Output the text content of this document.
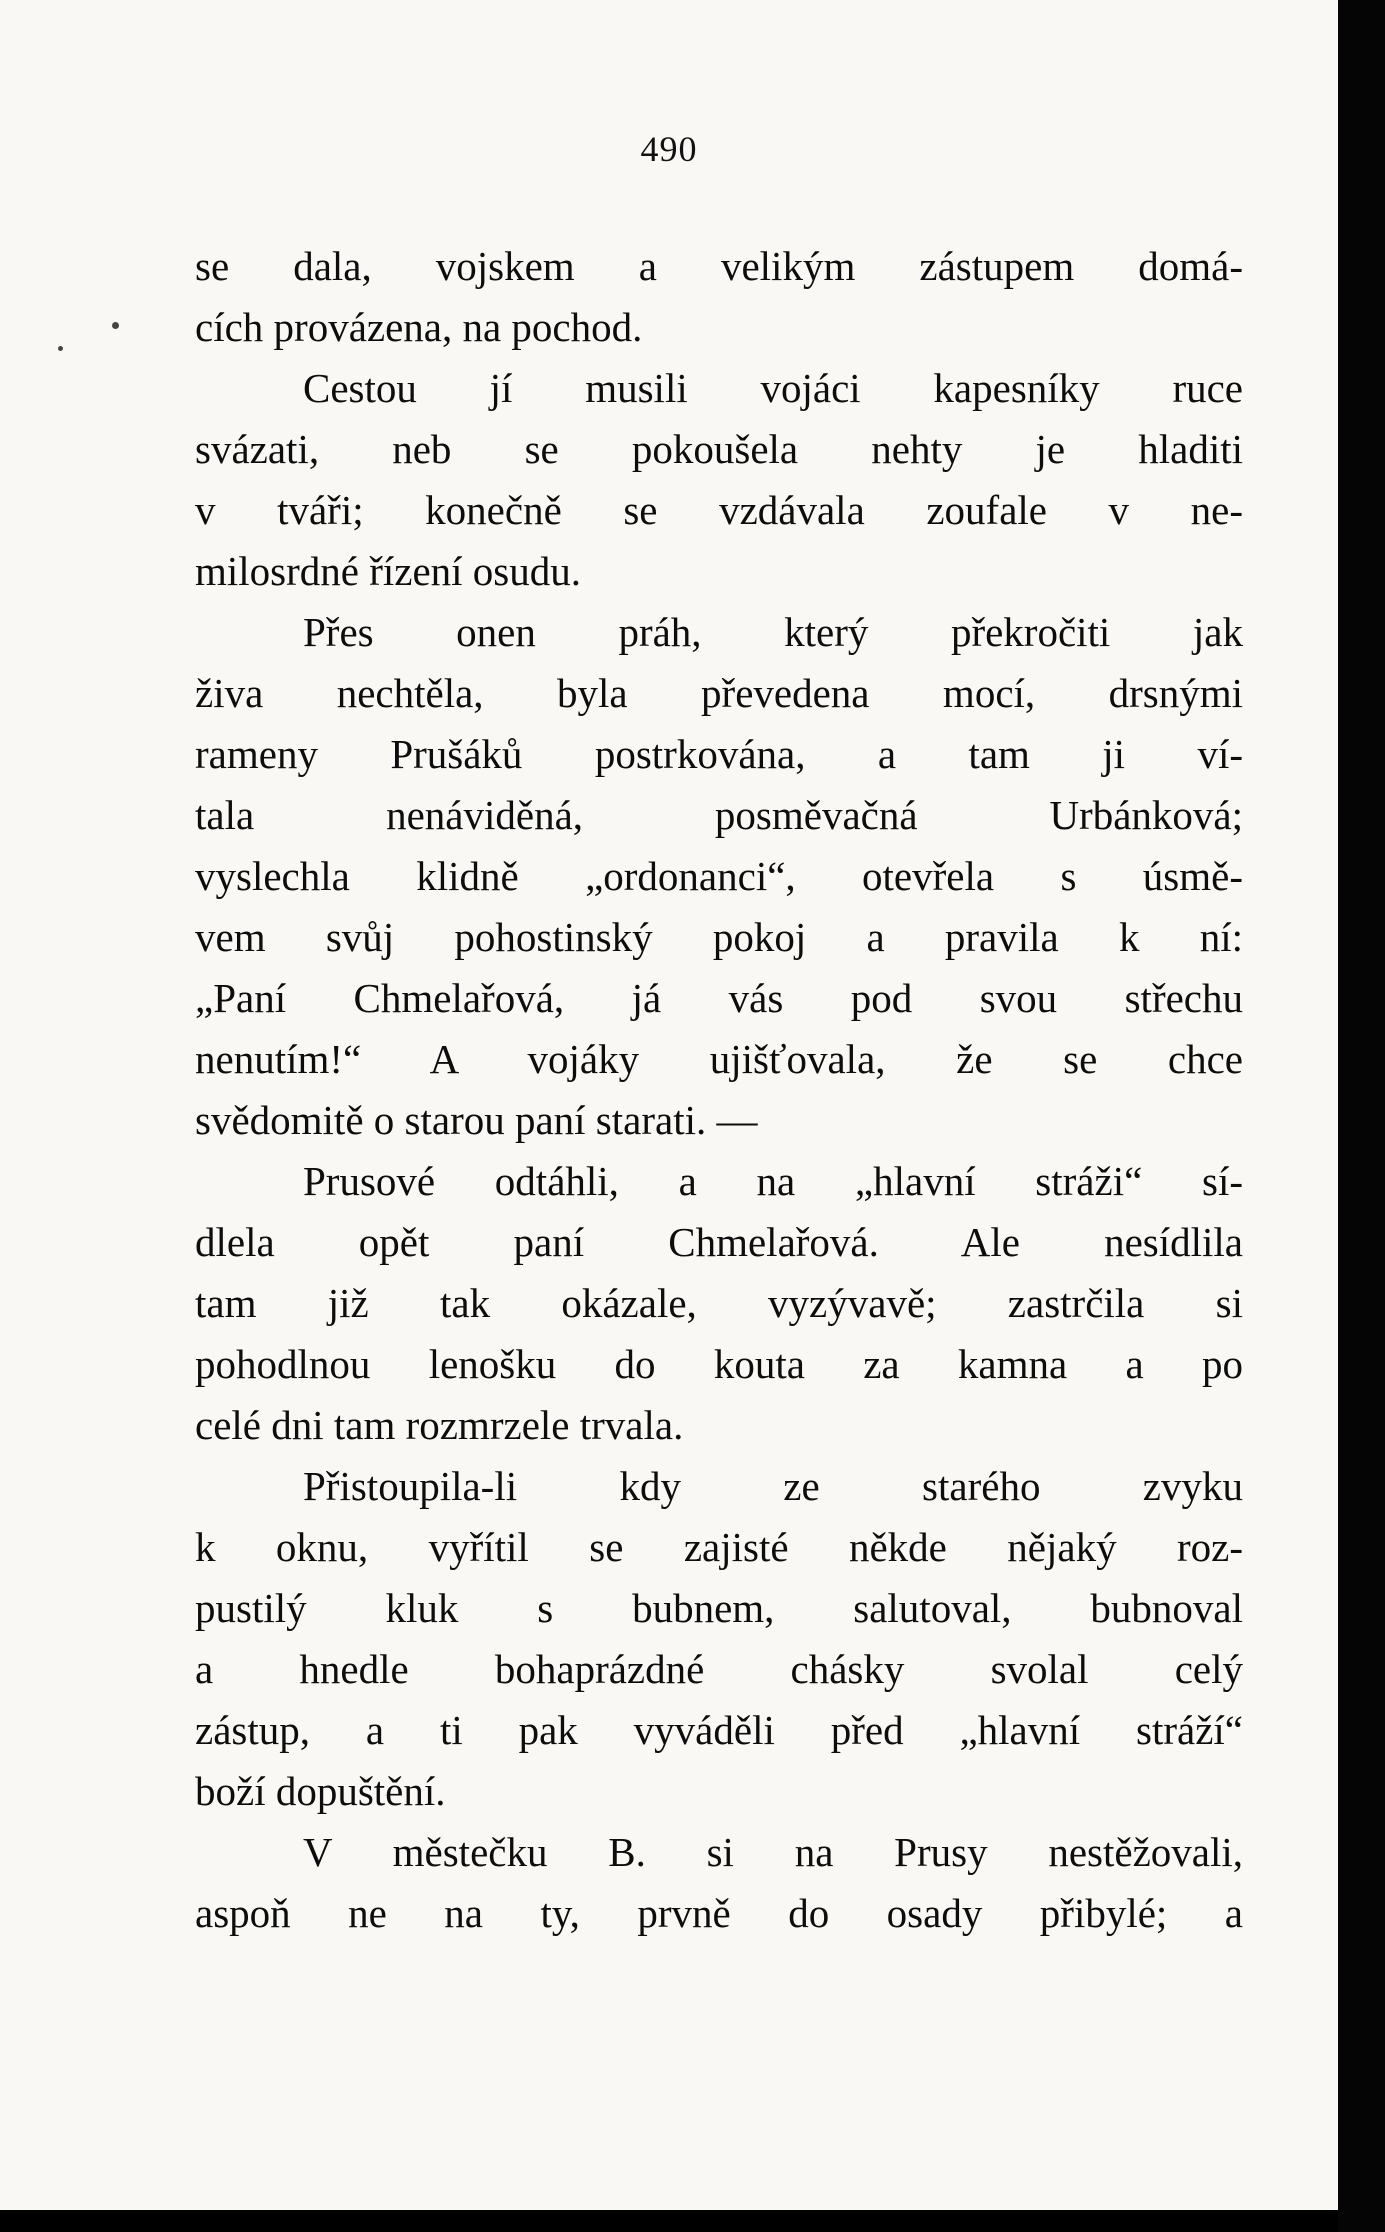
490
se dala, vojskem a velikým zástupem domá-
cích provázena, na pochod.
Cestou jí musili vojáci kapesníky ruce
svázati, neb se pokoušela nehty je hladiti
v tváři; konečně se vzdávala zoufale v ne-
milosrdné řízení osudu.
Přes onen práh, který překročiti jak
živa nechtěla, byla převedena mocí, drsnými
rameny Prušáků postrkována, a tam ji ví-
tala nenáviděná, posměvačná Urbánková;
vyslechla klidně „ordonanci“, otevřela s úsmě-
vem svůj pohostinský pokoj a pravila k ní:
„Paní Chmelařová, já vás pod svou střechu
nenutím!“ A vojáky ujišťovala, že se chce
svědomitě o starou paní starati. —
Prusové odtáhli, a na „hlavní stráži“ sí-
dlela opět paní Chmelařová. Ale nesídlila
tam již tak okázale, vyzývavě; zastrčila si
pohodlnou lenošku do kouta za kamna a po
celé dni tam rozmrzele trvala.
Přistoupila-li kdy ze starého zvyku
k oknu, vyřítil se zajisté někde nějaký roz-
pustilý kluk s bubnem, salutoval, bubnoval
a hnedle bohaprázdné chásky svolal celý
zástup, a ti pak vyváděli před „hlavní stráží“
boží dopuštění.
V městečku B. si na Prusy nestěžovali,
aspoň ne na ty, prvně do osady přibylé; a
